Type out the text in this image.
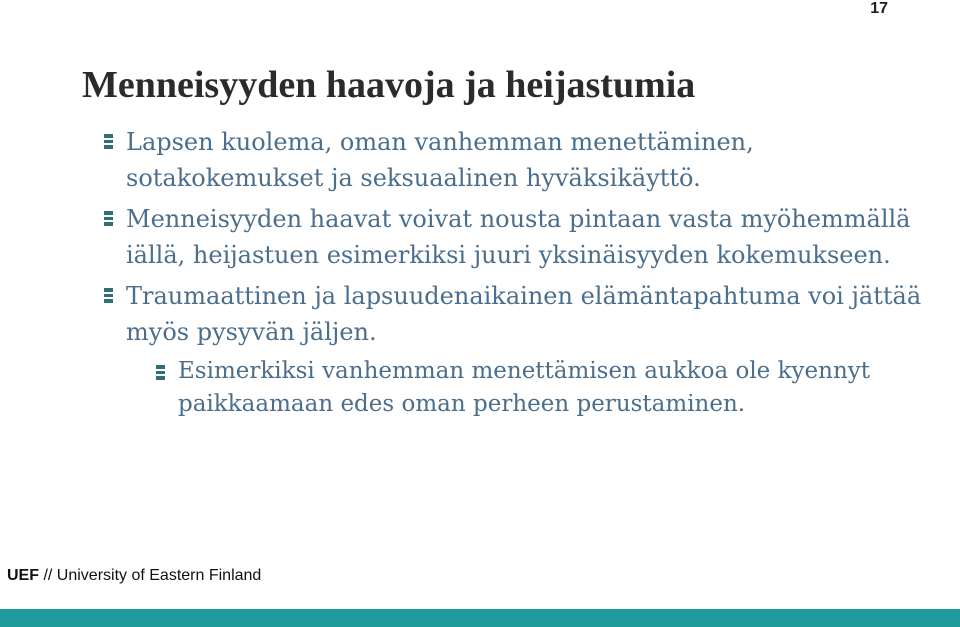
17
Menneisyyden haavoja ja heijastumia
Lapsen kuolema, oman vanhemman menettäminen, sotakokemukset ja seksuaalinen hyväksikäyttö.
Menneisyyden haavat voivat nousta pintaan vasta myöhemmällä iällä, heijastuen esimerkiksi juuri yksinäisyyden kokemukseen.
Traumaattinen ja lapsuudenaikainen elämäntapahtuma voi jättää myös pysyvän jäljen.
Esimerkiksi vanhemman menettämisen aukkoa ole kyennyt paikkaamaan edes oman perheen perustaminen.
UEF // University of Eastern Finland
